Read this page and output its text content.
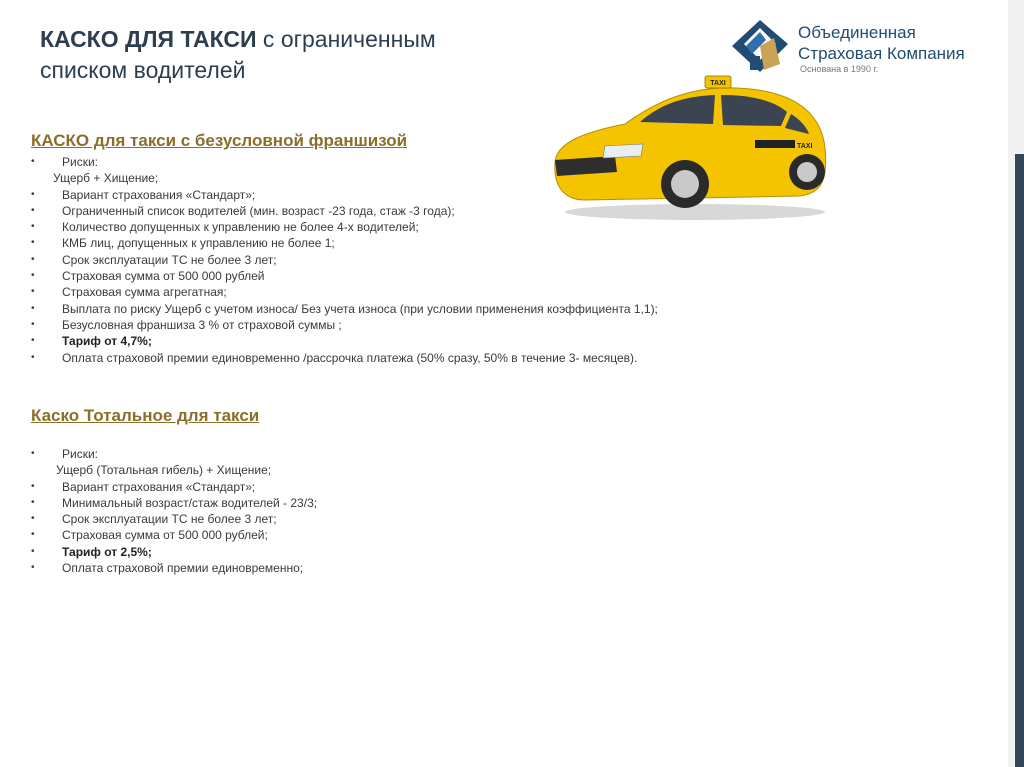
КАСКО ДЛЯ ТАКСИ с ограниченным
списком водителей
Объединенная
Страховая Компания
Основана в 1990 г.
TAXI
TAXI
КАСКО для такси с безусловной франшизой
•	Риски:
Ущерб + Хищение;
•	Вариант страхования «Стандарт»;
•	Ограниченный список водителей (мин. возраст -23 года, стаж -3 года);
•	Количество допущенных к управлению не более 4-х водителей;
•	КМБ лиц, допущенных к управлению не более 1;
•	Срок эксплуатации ТС не более 3 лет;
•	Страховая сумма от 500 000 рублей
•	Страховая сумма агрегатная;
•	Выплата по риску Ущерб с учетом износа/ Без учета износа (при условии применения коэффициента 1,1);
•	Безусловная франшиза 3 % от страховой суммы ;
•	Тариф от 4,7%;
•	Оплата страховой премии единовременно /рассрочка платежа (50% сразу, 50% в течение 3- месяцев).
Каско Тотальное для такси
•	Риски:
Ущерб (Тотальная гибель) + Хищение;
•	Вариант страхования «Стандарт»;
•	Минимальный возраст/стаж водителей - 23/3;
•	Срок эксплуатации ТС не более 3 лет;
•	Страховая сумма от 500 000 рублей;
•	Тариф от 2,5%;
•	Оплата страховой премии единовременно;
